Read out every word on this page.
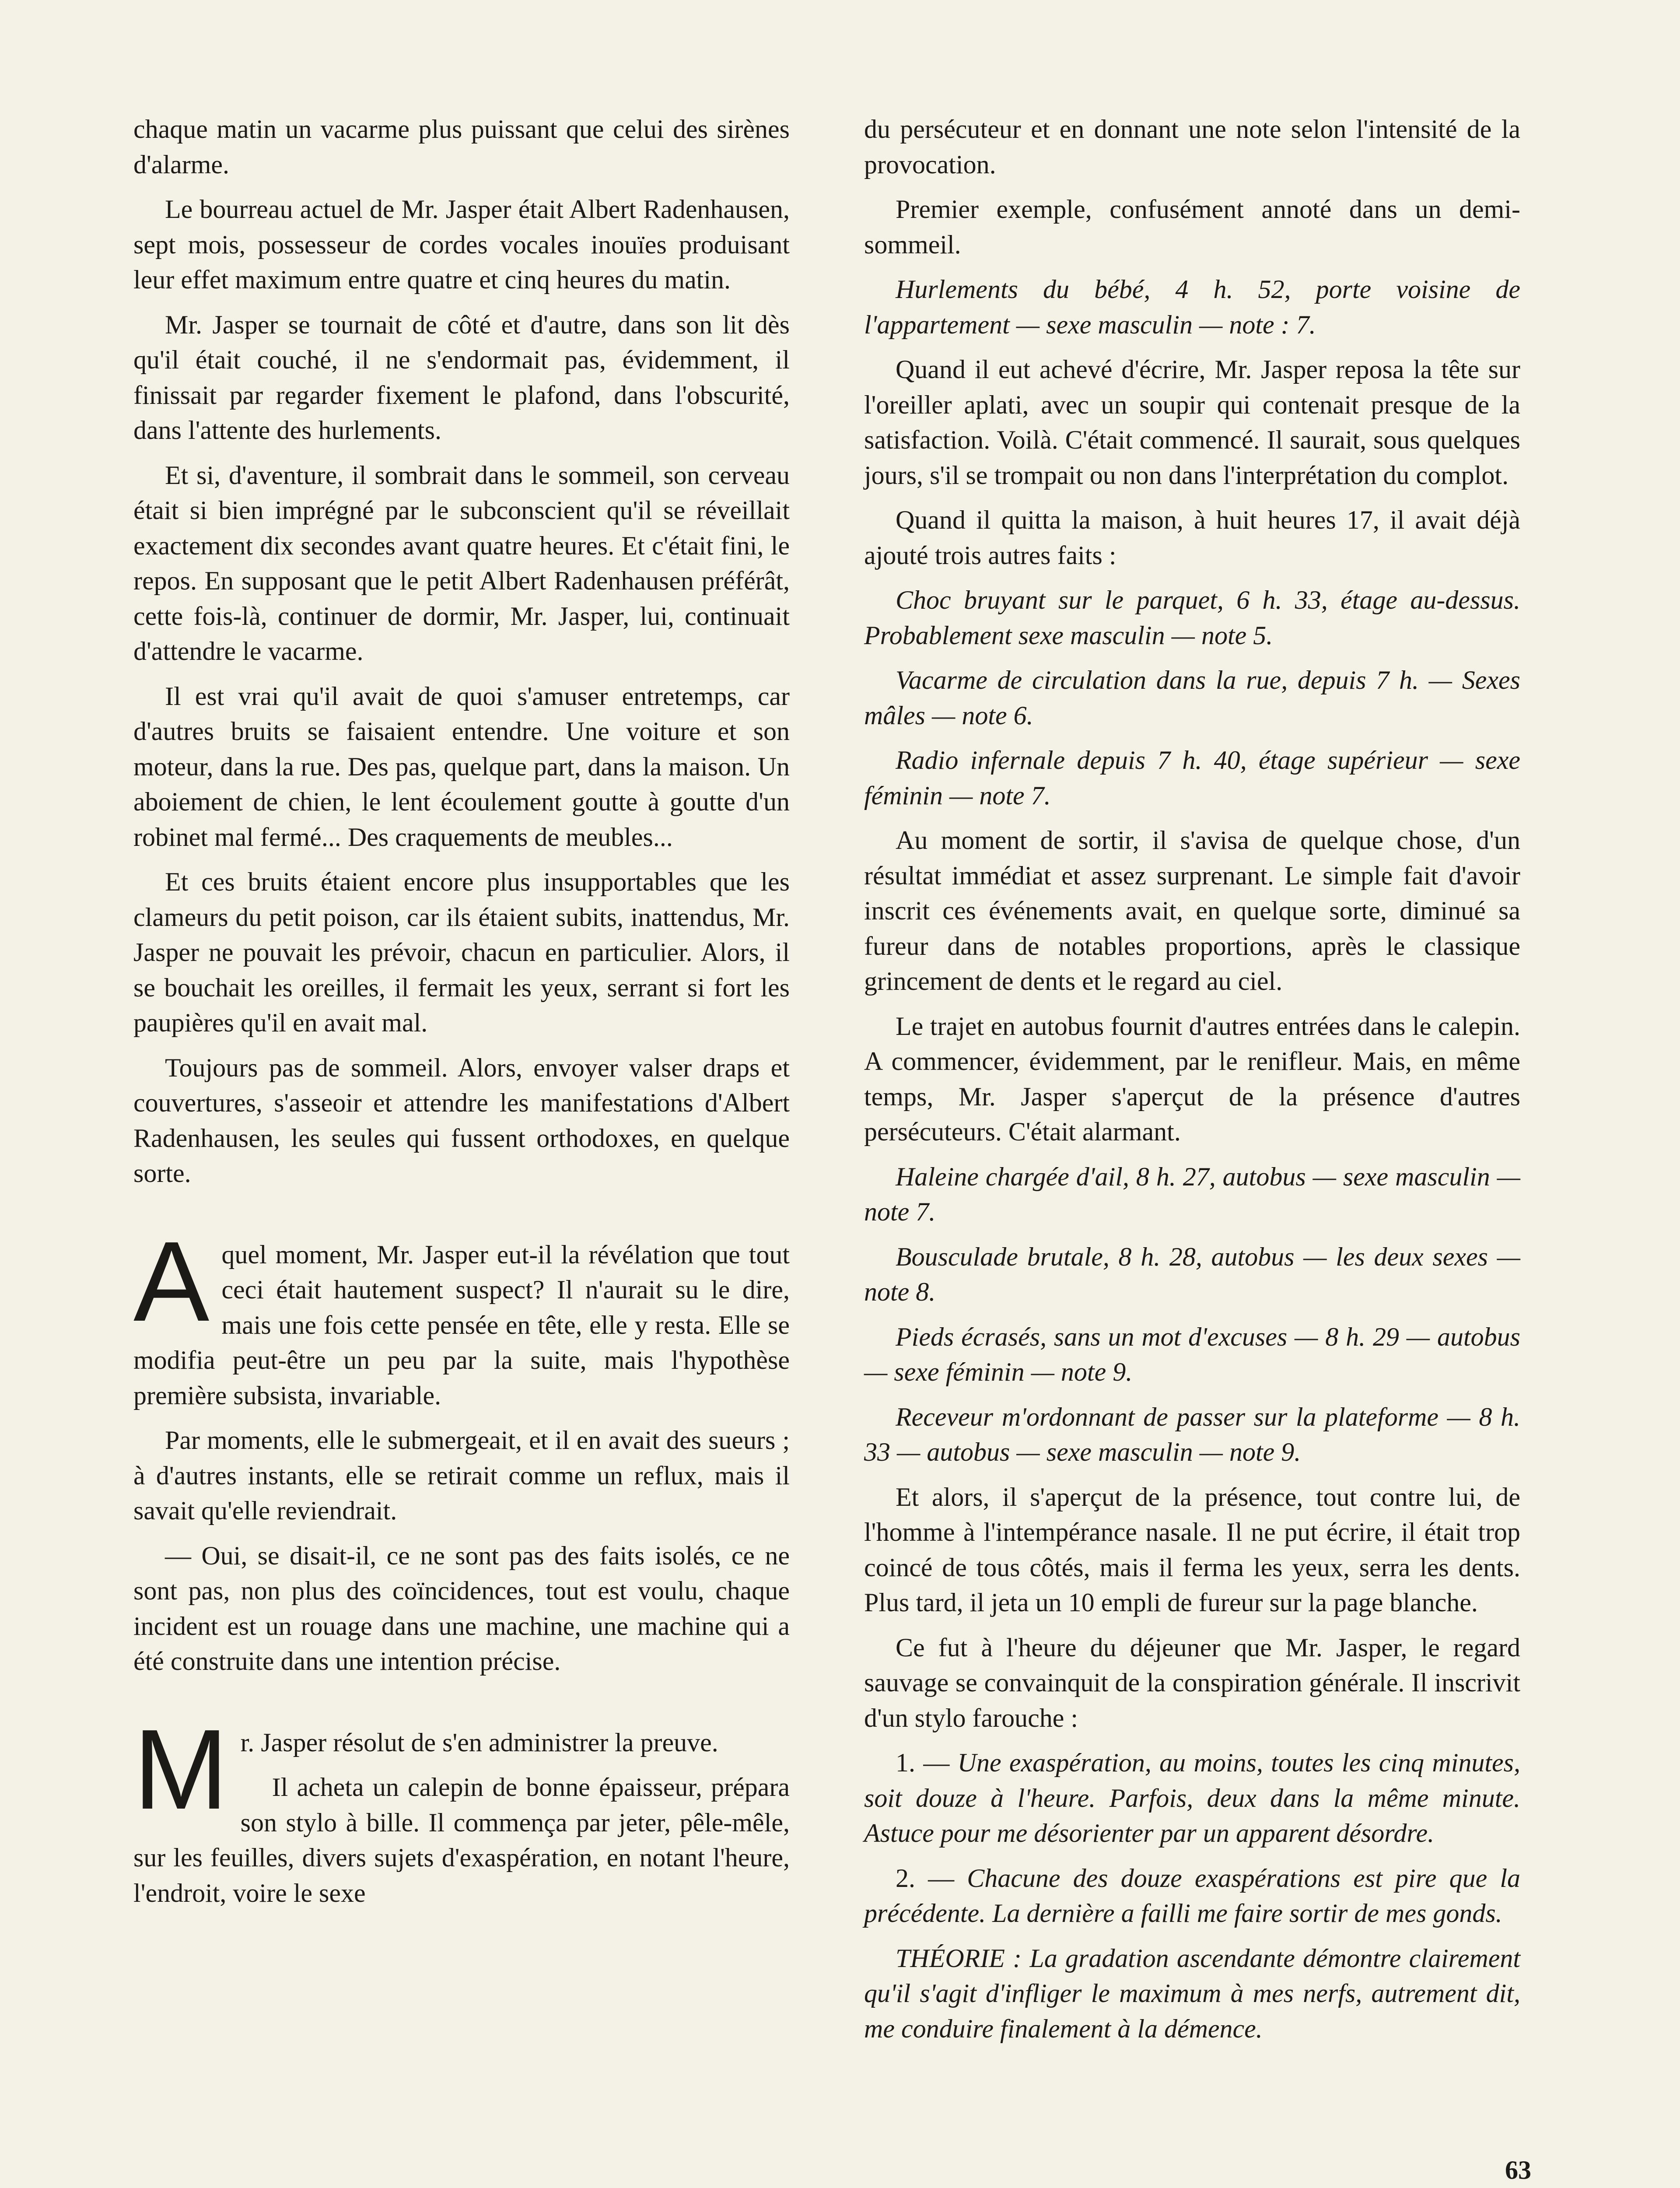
chaque matin un vacarme plus puissant que celui des sirènes d'alarme.

Le bourreau actuel de Mr. Jasper était Albert Radenhausen, sept mois, possesseur de cordes vocales inouïes produisant leur effet maximum entre quatre et cinq heures du matin.

Mr. Jasper se tournait de côté et d'autre, dans son lit dès qu'il était couché, il ne s'endormait pas, évidemment, il finissait par regarder fixement le plafond, dans l'obscurité, dans l'attente des hurlements.

Et si, d'aventure, il sombrait dans le sommeil, son cerveau était si bien imprégné par le subconscient qu'il se réveillait exactement dix secondes avant quatre heures. Et c'était fini, le repos. En supposant que le petit Albert Radenhausen préférât, cette fois-là, continuer de dormir, Mr. Jasper, lui, continuait d'attendre le vacarme.

Il est vrai qu'il avait de quoi s'amuser entretemps, car d'autres bruits se faisaient entendre. Une voiture et son moteur, dans la rue. Des pas, quelque part, dans la maison. Un aboiement de chien, le lent écoulement goutte à goutte d'un robinet mal fermé... Des craquements de meubles...

Et ces bruits étaient encore plus insupportables que les clameurs du petit poison, car ils étaient subits, inattendus, Mr. Jasper ne pouvait les prévoir, chacun en particulier. Alors, il se bouchait les oreilles, il fermait les yeux, serrant si fort les paupières qu'il en avait mal.

Toujours pas de sommeil. Alors, envoyer valser draps et couvertures, s'asseoir et attendre les manifestations d'Albert Radenhausen, les seules qui fussent orthodoxes, en quelque sorte.

A quel moment, Mr. Jasper eut-il la révélation que tout ceci était hautement suspect? Il n'aurait su le dire, mais une fois cette pensée en tête, elle y resta. Elle se modifia peut-être un peu par la suite, mais l'hypothèse première subsista, invariable.

Par moments, elle le submergeait, et il en avait des sueurs ; à d'autres instants, elle se retirait comme un reflux, mais il savait qu'elle reviendrait.

— Oui, se disait-il, ce ne sont pas des faits isolés, ce ne sont pas, non plus des coïncidences, tout est voulu, chaque incident est un rouage dans une machine, une machine qui a été construite dans une intention précise.

M r. Jasper résolut de s'en administrer la preuve.

Il acheta un calepin de bonne épaisseur, prépara son stylo à bille. Il commença par jeter, pêle-mêle, sur les feuilles, divers sujets d'exaspération, en notant l'heure, l'endroit, voire le sexe

du persécuteur et en donnant une note selon l'intensité de la provocation.

Premier exemple, confusément annoté dans un demi-sommeil.

Hurlements du bébé, 4 h. 52, porte voisine de l'appartement — sexe masculin — note : 7.

Quand il eut achevé d'écrire, Mr. Jasper reposa la tête sur l'oreiller aplati, avec un soupir qui contenait presque de la satisfaction. Voilà. C'était commencé. Il saurait, sous quelques jours, s'il se trompait ou non dans l'interprétation du complot.

Quand il quitta la maison, à huit heures 17, il avait déjà ajouté trois autres faits :

Choc bruyant sur le parquet, 6 h. 33, étage au-dessus. Probablement sexe masculin — note 5.

Vacarme de circulation dans la rue, depuis 7 h. — Sexes mâles — note 6.

Radio infernale depuis 7 h. 40, étage supérieur — sexe féminin — note 7.

Au moment de sortir, il s'avisa de quelque chose, d'un résultat immédiat et assez surprenant. Le simple fait d'avoir inscrit ces événements avait, en quelque sorte, diminué sa fureur dans de notables proportions, après le classique grincement de dents et le regard au ciel.

Le trajet en autobus fournit d'autres entrées dans le calepin. A commencer, évidemment, par le renifleur. Mais, en même temps, Mr. Jasper s'aperçut de la présence d'autres persécuteurs. C'était alarmant.

Haleine chargée d'ail, 8 h. 27, autobus — sexe masculin — note 7.

Bousculade brutale, 8 h. 28, autobus — les deux sexes — note 8.

Pieds écrasés, sans un mot d'excuses — 8 h. 29 — autobus — sexe féminin — note 9.

Receveur m'ordonnant de passer sur la plateforme — 8 h. 33 — autobus — sexe masculin — note 9.

Et alors, il s'aperçut de la présence, tout contre lui, de l'homme à l'intempérance nasale. Il ne put écrire, il était trop coincé de tous côtés, mais il ferma les yeux, serra les dents. Plus tard, il jeta un 10 empli de fureur sur la page blanche.

Ce fut à l'heure du déjeuner que Mr. Jasper, le regard sauvage se convainquit de la conspiration générale. Il inscrivit d'un stylo farouche :

1. — Une exaspération, au moins, toutes les cinq minutes, soit douze à l'heure. Parfois, deux dans la même minute. Astuce pour me désorienter par un apparent désordre.

2. — Chacune des douze exaspérations est pire que la précédente. La dernière a failli me faire sortir de mes gonds.

THÉORIE : La gradation ascendante démontre clairement qu'il s'agit d'infliger le maximum à mes nerfs, autrement dit, me conduire finalement à la démence.

63
